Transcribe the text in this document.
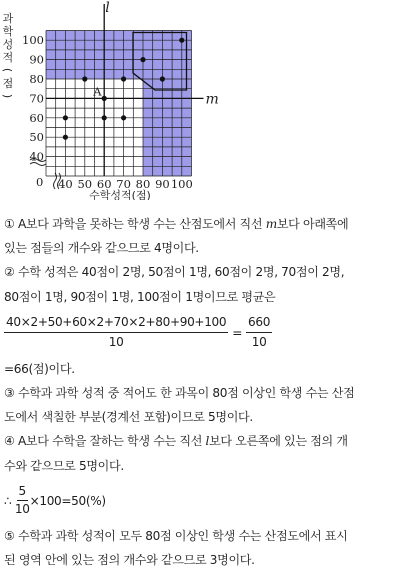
l
m
A
40 50 60 70 80 90 100
100
90
80
70
60
50
40
0
수학성적(점)
과
학
성
적
(
점
)

① A보다 과학을 못하는 학생 수는 산점도에서 직선 m보다 아래쪽에

있는 점들의 개수와 같으므로 4명이다.

② 수학 성적은 40점이 2명, 50점이 1명, 60점이 2명, 70점이 2명,

80점이 1명, 90점이 1명, 100점이 1명이므로 평균은

$\frac{40\times 2+50+60\times 2+70\times 2+80+90+100}{10} = \frac{660}{10}$

=66(점)이다.

③ 수학과 과학 성적 중 적어도 한 과목이 80점 이상인 학생 수는 산점

도에서 색칠한 부분(경계선 포함)이므로 5명이다.

④ A보다 수학을 잘하는 학생 수는 직선 l보다 오른쪽에 있는 점의 개

수와 같으므로 5명이다.

∴
$\frac{5}{10} \times 100=50(\%)$

⑤ 수학과 과학 성적이 모두 80점 이상인 학생 수는 산점도에서 표시

된 영역 안에 있는 점의 개수와 같으므로 3명이다.
